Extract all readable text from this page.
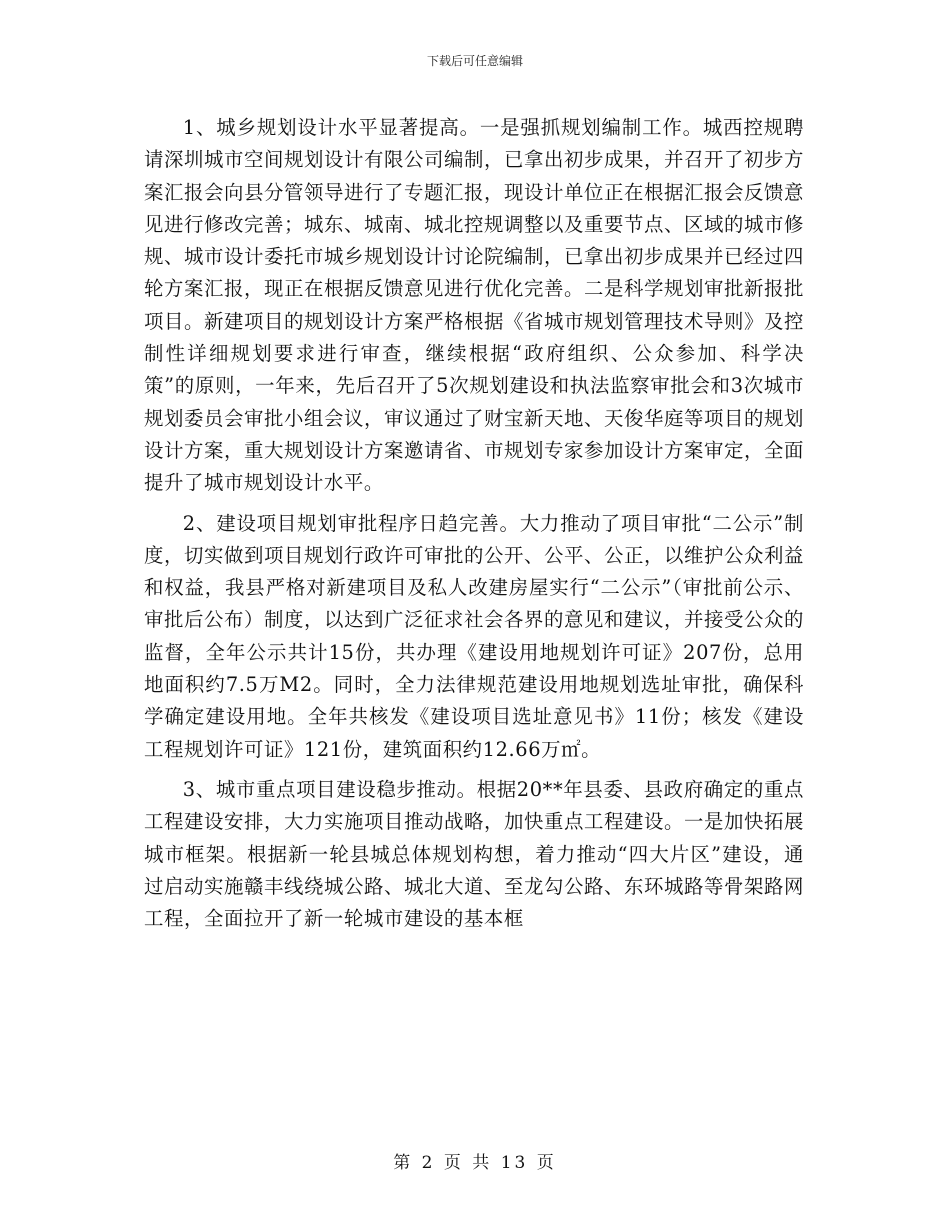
下载后可任意编辑

1、城乡规划设计水平显著提高。一是强抓规划编制工作。城西控规聘请深圳城市空间规划设计有限公司编制，已拿出初步成果，并召开了初步方案汇报会向县分管领导进行了专题汇报，现设计单位正在根据汇报会反馈意见进行修改完善；城东、城南、城北控规调整以及重要节点、区域的城市修规、城市设计委托市城乡规划设计讨论院编制，已拿出初步成果并已经过四轮方案汇报，现正在根据反馈意见进行优化完善。二是科学规划审批新报批项目。新建项目的规划设计方案严格根据《省城市规划管理技术导则》及控制性详细规划要求进行审查，继续根据“政府组织、公众参加、科学决策”的原则，一年来，先后召开了5次规划建设和执法监察审批会和3次城市规划委员会审批小组会议，审议通过了财宝新天地、天俊华庭等项目的规划设计方案，重大规划设计方案邀请省、市规划专家参加设计方案审定，全面提升了城市规划设计水平。

2、建设项目规划审批程序日趋完善。大力推动了项目审批“二公示”制度，切实做到项目规划行政许可审批的公开、公平、公正，以维护公众利益和权益，我县严格对新建项目及私人改建房屋实行“二公示”（审批前公示、审批后公布）制度，以达到广泛征求社会各界的意见和建议，并接受公众的监督，全年公示共计15份，共办理《建设用地规划许可证》207份，总用地面积约7.5万M2。同时，全力法律规范建设用地规划选址审批，确保科学确定建设用地。全年共核发《建设项目选址意见书》11份；核发《建设工程规划许可证》121份，建筑面积约12.66万㎡。

3、城市重点项目建设稳步推动。根据20**年县委、县政府确定的重点工程建设安排，大力实施项目推动战略，加快重点工程建设。一是加快拓展城市框架。根据新一轮县城总体规划构想，着力推动“四大片区”建设，通过启动实施赣丰线绕城公路、城北大道、至龙勾公路、东环城路等骨架路网工程，全面拉开了新一轮城市建设的基本框

第 2 页 共 13 页
